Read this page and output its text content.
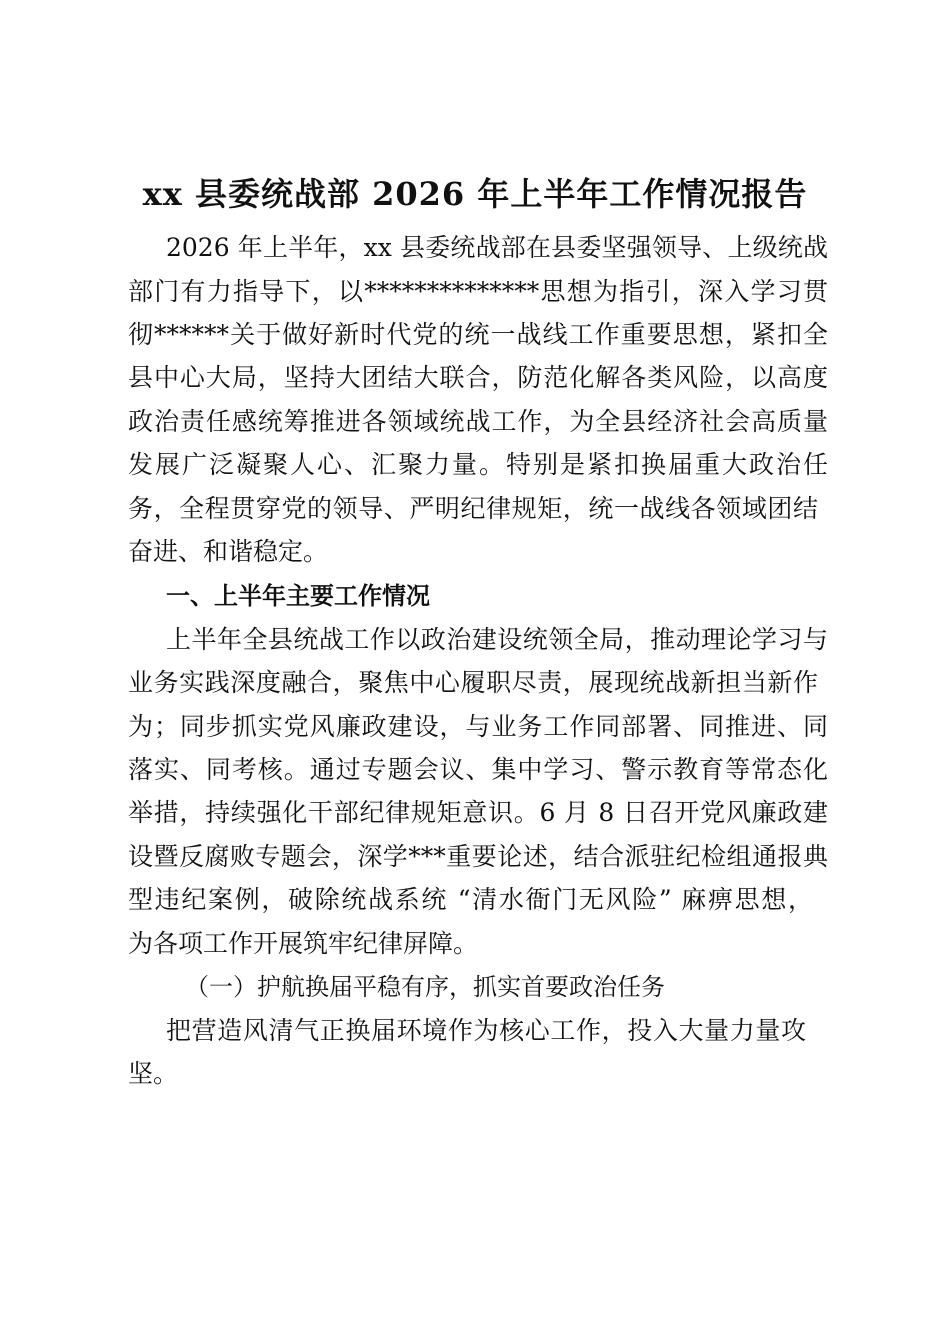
xx 县委统战部 2026 年上半年工作情况报告
2026 年上半年，xx 县委统战部在县委坚强领导、上级统战
部门有力指导下，以**************思想为指引，深入学习贯
彻******关于做好新时代党的统一战线工作重要思想，紧扣全
县中心大局，坚持大团结大联合，防范化解各类风险，以高度
政治责任感统筹推进各领域统战工作，为全县经济社会高质量
发展广泛凝聚人心、汇聚力量。特别是紧扣换届重大政治任
务，全程贯穿党的领导、严明纪律规矩，统一战线各领域团结
奋进、和谐稳定。
一、上半年主要工作情况
上半年全县统战工作以政治建设统领全局，推动理论学习与
业务实践深度融合，聚焦中心履职尽责，展现统战新担当新作
为；同步抓实党风廉政建设，与业务工作同部署、同推进、同
落实、同考核。通过专题会议、集中学习、警示教育等常态化
举措，持续强化干部纪律规矩意识。6 月 8 日召开党风廉政建
设暨反腐败专题会，深学***重要论述，结合派驻纪检组通报典
型违纪案例，破除统战系统 “清水衙门无风险” 麻痹思想，
为各项工作开展筑牢纪律屏障。
（一）护航换届平稳有序，抓实首要政治任务
把营造风清气正换届环境作为核心工作，投入大量力量攻
坚。
